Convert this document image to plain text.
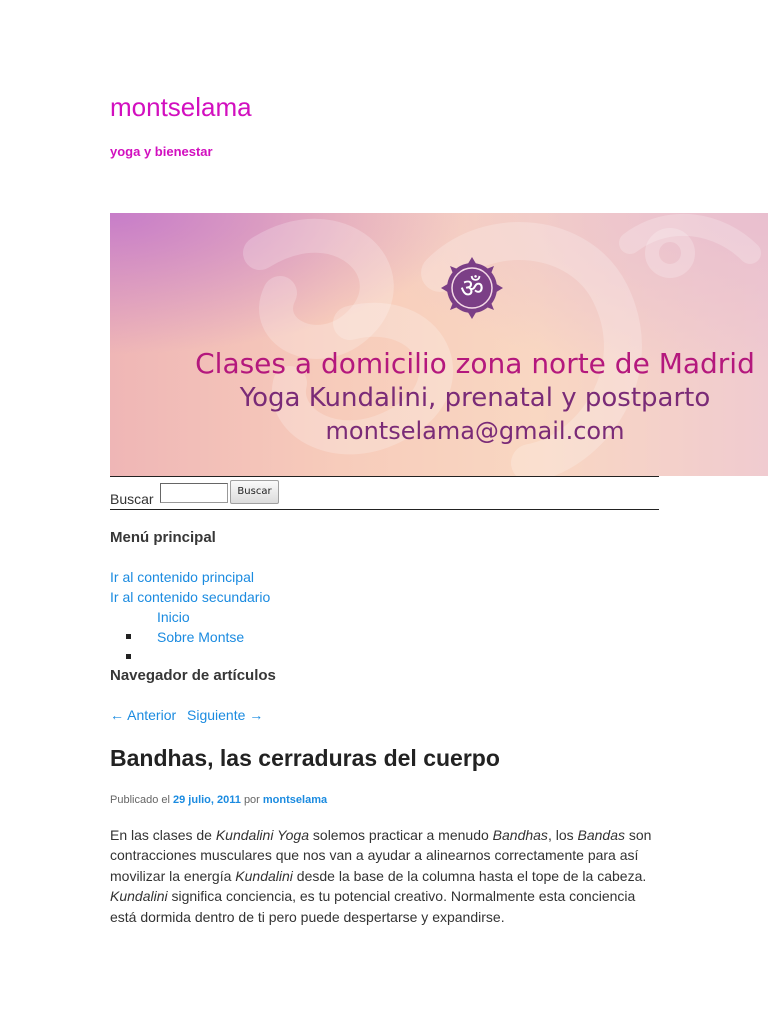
montselama
yoga y bienestar
ॐ
Clases a domicilio zona norte de Madrid
Yoga Kundalini, prenatal y postparto
montselama@gmail.com
Buscar	Buscar
Menú principal
Ir al contenido principal
Ir al contenido secundario
Inicio
Sobre Montse
Navegador de artículos
← Anterior Siguiente →
Bandhas, las cerraduras del cuerpo
Publicado el 29 julio, 2011 por montselama

En las clases de Kundalini Yoga solemos practicar a menudo Bandhas, los Bandas son contracciones musculares que nos van a ayudar a alinearnos correctamente para así movilizar la energía Kundalini desde la base de la columna hasta el tope de la cabeza. Kundalini significa conciencia, es tu potencial creativo. Normalmente esta conciencia está dormida dentro de ti pero puede despertarse y expandirse.
